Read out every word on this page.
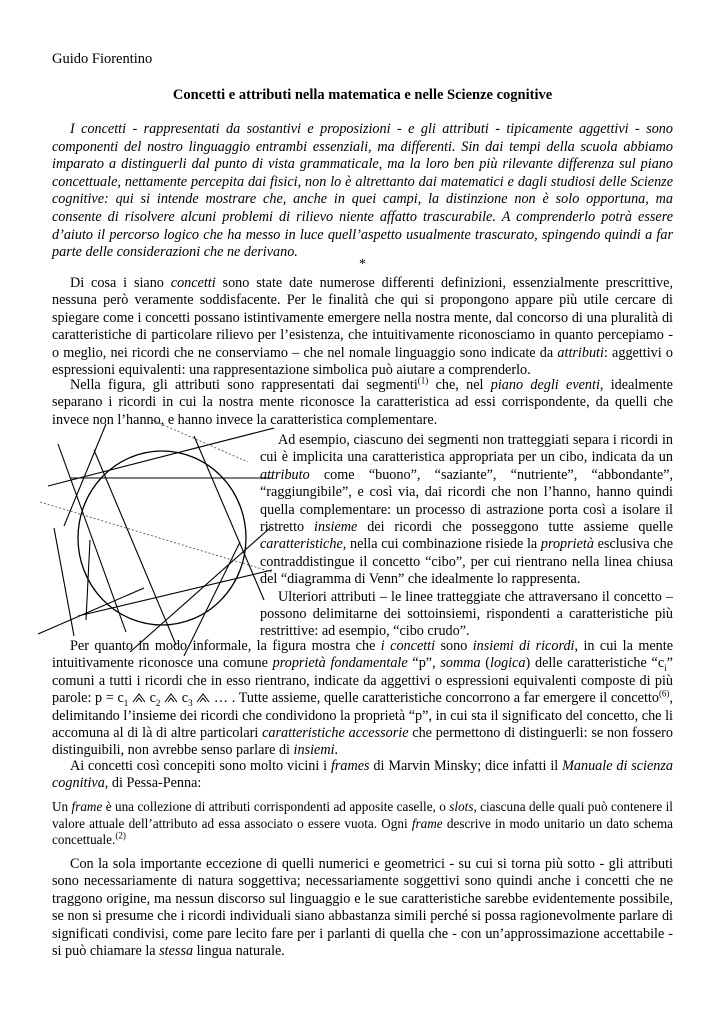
Guido Fiorentino
Concetti e attributi nella matematica e nelle Scienze cognitive
I concetti - rappresentati da sostantivi e proposizioni - e gli attributi - tipicamente aggettivi - sono componenti del nostro linguaggio entrambi essenziali, ma differenti. Sin dai tempi della scuola abbiamo imparato a distinguerli dal punto di vista grammaticale, ma la loro ben più rilevante differenza sul piano concettuale, nettamente percepita dai fisici, non lo è altrettanto dai matematici e dagli studiosi delle Scienze cognitive: qui si intende mostrare che, anche in quei campi, la distinzione non è solo opportuna, ma consente di risolvere alcuni problemi di rilievo niente affatto trascurabile. A comprenderlo potrà essere d’aiuto il percorso logico che ha messo in luce quell’aspetto usualmente trascurato, spingendo quindi a far parte delle considerazioni che ne derivano.
*
Di cosa i siano concetti sono state date numerose differenti definizioni, essenzialmente prescrittive, nessuna però veramente soddisfacente. Per le finalità che qui si propongono appare più utile cercare di spiegare come i concetti possano istintivamente emergere nella nostra mente, dal concorso di una pluralità di caratteristiche di particolare rilievo per l’esistenza, che intuitivamente riconosciamo in quanto percepiamo - o meglio, nei ricordi che ne conserviamo – che nel nomale linguaggio sono indicate da attributi: aggettivi o espressioni equivalenti: una rappresentazione simbolica può aiutare a comprenderlo.
Nella figura, gli attributi sono rappresentati dai segmenti$^{(1)}$ che, nel piano degli eventi, idealmente separano i ricordi in cui la nostra mente riconosce la caratteristica ad essi corrispondente, da quelli che invece non l’hanno, e hanno invece la caratteristica complementare.
Ad esempio, ciascuno dei segmenti non tratteggiati separa i ricordi in cui è implicita una caratteristica appropriata per un cibo, indicata da un attributo come “buono”, “saziante”, “nutriente”, “abbondante”, “raggiungibile”, e così via, dai ricordi che non l’hanno, hanno quindi quella complementare: un processo di astrazione porta così a isolare il ristretto insieme dei ricordi che posseggono tutte assieme quelle caratteristiche, nella cui combinazione risiede la proprietà esclusiva che contraddistingue il concetto “cibo”, per cui rientrano nella linea chiusa del “diagramma di Venn” che idealmente lo rappresenta.
Ulteriori attributi – le linee tratteggiate che attraversano il concetto – possono delimitarne dei sottoinsiemi, rispondenti a caratteristiche più restrittive: ad esempio, “cibo crudo”.
Per quanto in modo informale, la figura mostra che i concetti sono insiemi di ricordi, in cui la mente intuitivamente riconosce una comune proprietà fondamentale “p”, somma (logica) delle caratteristiche “$c_i$” comuni a tutti i ricordi che in esso rientrano, indicate da aggettivi o espressioni equivalenti composte di più parole: $p = c_1$  $c_2$  $c_3$  … . Tutte assieme, quelle caratteristiche concorrono a far emergere il concetto$^{(6)}$, delimitando l’insieme dei ricordi che condividono la proprietà “p”, in cui sta il significato del concetto, che li accomuna al di là di altre particolari caratteristiche accessorie che permettono di distinguerli: se non fossero distinguibili, non avrebbe senso parlare di insiemi.
Ai concetti così concepiti sono molto vicini i frames di Marvin Minsky; dice infatti il Manuale di scienza cognitiva, di Pessa-Penna:
Un frame è una collezione di attributi corrispondenti ad apposite caselle, o slots, ciascuna delle quali può contenere il valore attuale dell’attributo ad essa associato o essere vuota. Ogni frame descrive in modo unitario un dato schema concettuale.$^{(2)}$
Con la sola importante eccezione di quelli numerici e geometrici - su cui si torna più sotto - gli attributi sono necessariamente di natura soggettiva; necessariamente soggettivi sono quindi anche i concetti che ne traggono origine, ma nessun discorso sul linguaggio e le sue caratteristiche sarebbe evidentemente possibile, se non si presume che i ricordi individuali siano abbastanza simili perché si possa ragionevolmente parlare di significati condivisi, come pare lecito fare per i parlanti di quella che - con un’approssimazione accettabile - si può chiamare la stessa lingua naturale.
